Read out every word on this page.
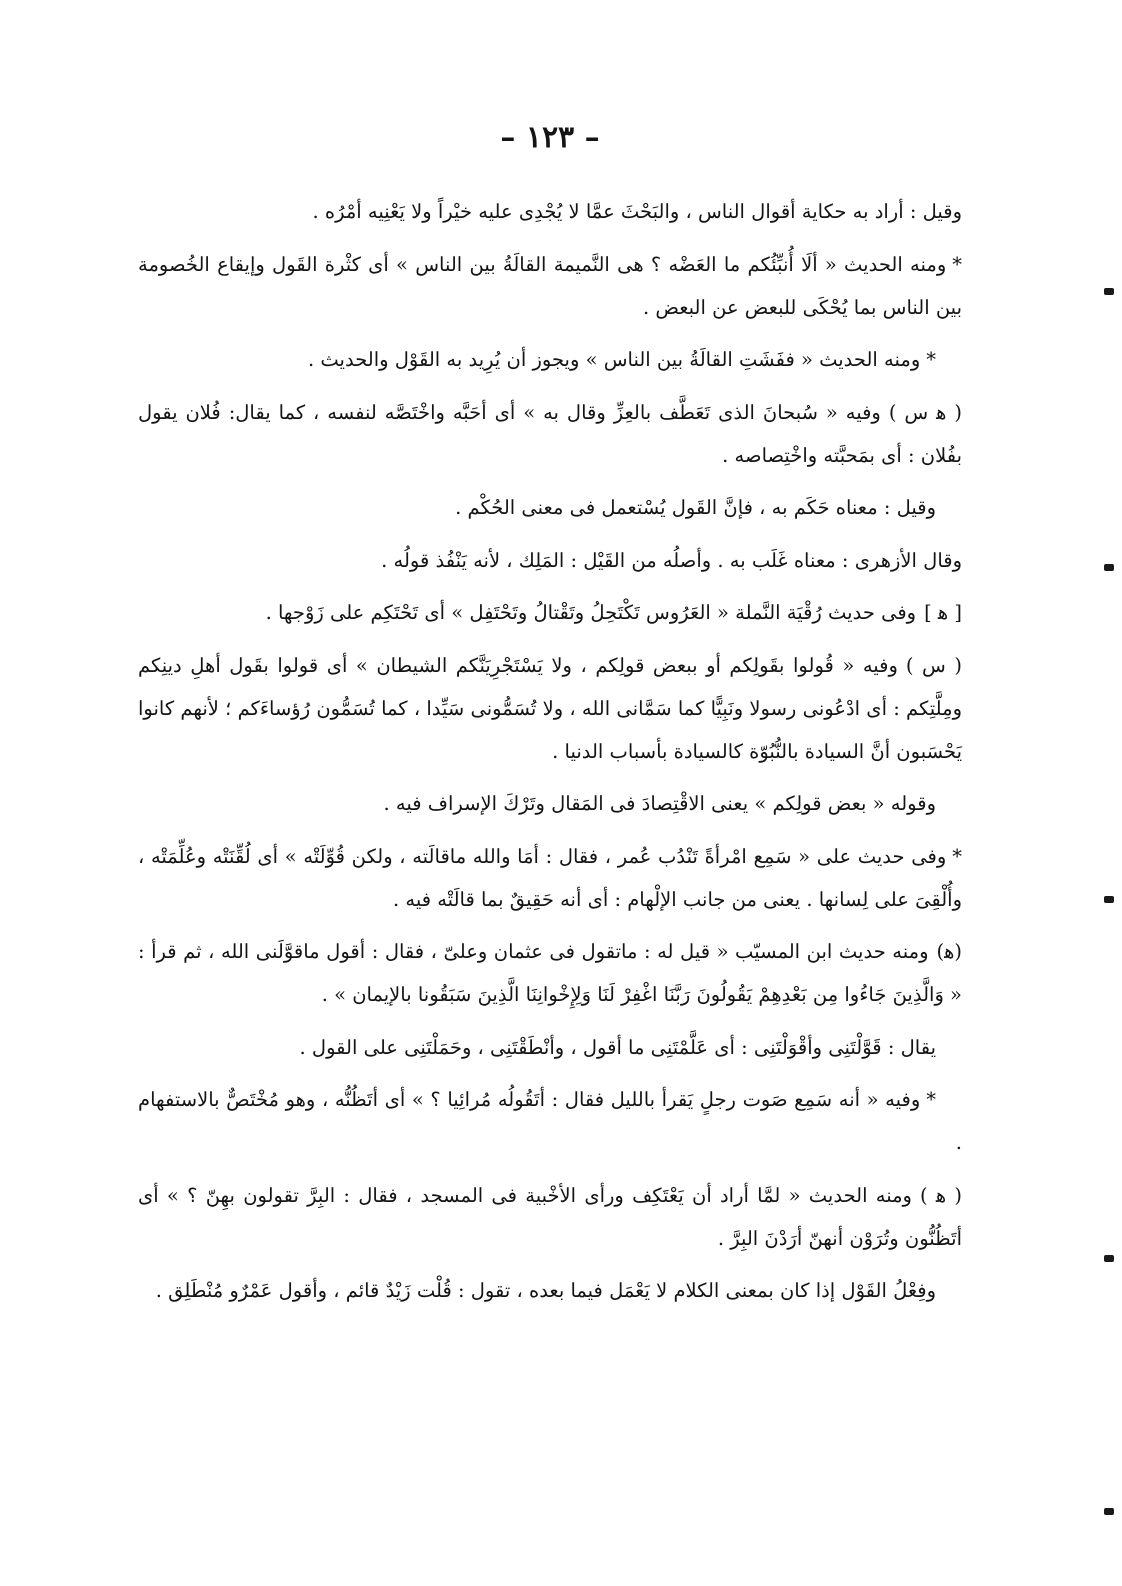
– ١٢٣ –

وقيل : أراد به حكاية أقوال الناس ، والبَحْثَ عمَّا لا يُجْدِى عليه خيْراً ولا يَعْنِيه أمْرُه .

*ومنه الحديث « ألَا أُنبِّئُكم ما العَضْه ؟ هى النَّميمة القالَةُ بين الناس » أى كثْرة القَول وإيقاع الخُصومة بين الناس بما يُحْكَى للبعض عن البعض .

*ومنه الحديث « ففَشَتِ القالَةُ بين الناس » ويجوز أن يُرِيد به القَوْل والحديث .

( ﻫ س )وفيه « سُبحانَ الذى تَعَطَّف بالعِزِّ وقال به » أى أحَبَّه واخْتَصَّه لنفسه ، كما يقال: فُلان يقول بفُلان : أى بمَحبَّته واخْتِصاصه .

وقيل : معناه حَكَم به ، فإنَّ القَول يُسْتعمل فى معنى الحُكْم .

وقال الأزهرى : معناه غَلَب به . وأصلُه من القَيْل : المَلِك ، لأنه يَنْفُذ قولُه .

[ ﻫ ]وفى حديث رُقْيَة النَّملة « العَرُوس تَكْتَحِلُ وتَقْتالُ وتَحْتَفِل » أى تَحْتَكِم على زَوْجها .

( س )وفيه « قُولوا بقَولِكم أو ببعض قولِكم ، ولا يَسْتَجْرِيَنَّكم الشيطان » أى قولوا بقَول أهلِ دينِكم ومِلَّتِكم : أى ادْعُونى رسولا ونَبِيًّا كما سَمَّانى الله ، ولا تُسَمُّونى سَيِّدا ، كما تُسَمُّون رُؤساءَكم ؛ لأنهم كانوا يَحْسَبون أنَّ السيادة بالنُّبُوّة كالسيادة بأسباب الدنيا .

وقوله « بعض قولِكم » يعنى الاقْتِصادَ فى المَقال وتَرْكَ الإسراف فيه .

*وفى حديث على « سَمِع امْرأةً تَنْدُب عُمر ، فقال : أمَا والله ماقالَته ، ولكن قُوِّلَتْه » أى لُقِّنَتْه وعُلِّمَتْه ، وأُلْقِىَ على لِسانها . يعنى من جانب الإلْهام : أى أنه حَقِيقٌ بما قالَتْه فيه .

(ﻫ)ومنه حديث ابن المسيّب « قيل له : ماتقول فى عثمان وعلىّ ، فقال : أقول ماقوَّلَنى الله ، ثم قرأ : « وَالَّذِينَ جَاءُوا مِن بَعْدِهِمْ يَقُولُونَ رَبَّنَا اغْفِرْ لَنَا وَلِإِخْوانِنَا الَّذِينَ سَبَقُونا بالإيمان » .

يقال : قَوَّلْتَنِى وأقْوَلْتَنِى : أى عَلَّمْتَنِى ما أقول ، وأنْطَقْتَنِى ، وحَمَلْتَنِى على القول .

*وفيه « أنه سَمِع صَوت رجلٍ يَقرأ بالليل فقال : أتَقُولُه مُرائِيا ؟ » أى أتَظُنُّه ، وهو مُخْتَصٌّ بالاستفهام .

( ﻫ )ومنه الحديث « لمَّا أراد أن يَعْتَكِف ورأى الأخْبية فى المسجد ، فقال : البِرَّ تقولون بهِنّ ؟ » أى أتَظُنُّون وتُرَوْن أنهنّ أرَدْنَ البِرَّ .

وفِعْلُ القَوْل إذا كان بمعنى الكلام لا يَعْمَل فيما بعده ، تقول : قُلْت زَيْدٌ قائم ، وأقول عَمْرٌو مُنْطَلِق .
